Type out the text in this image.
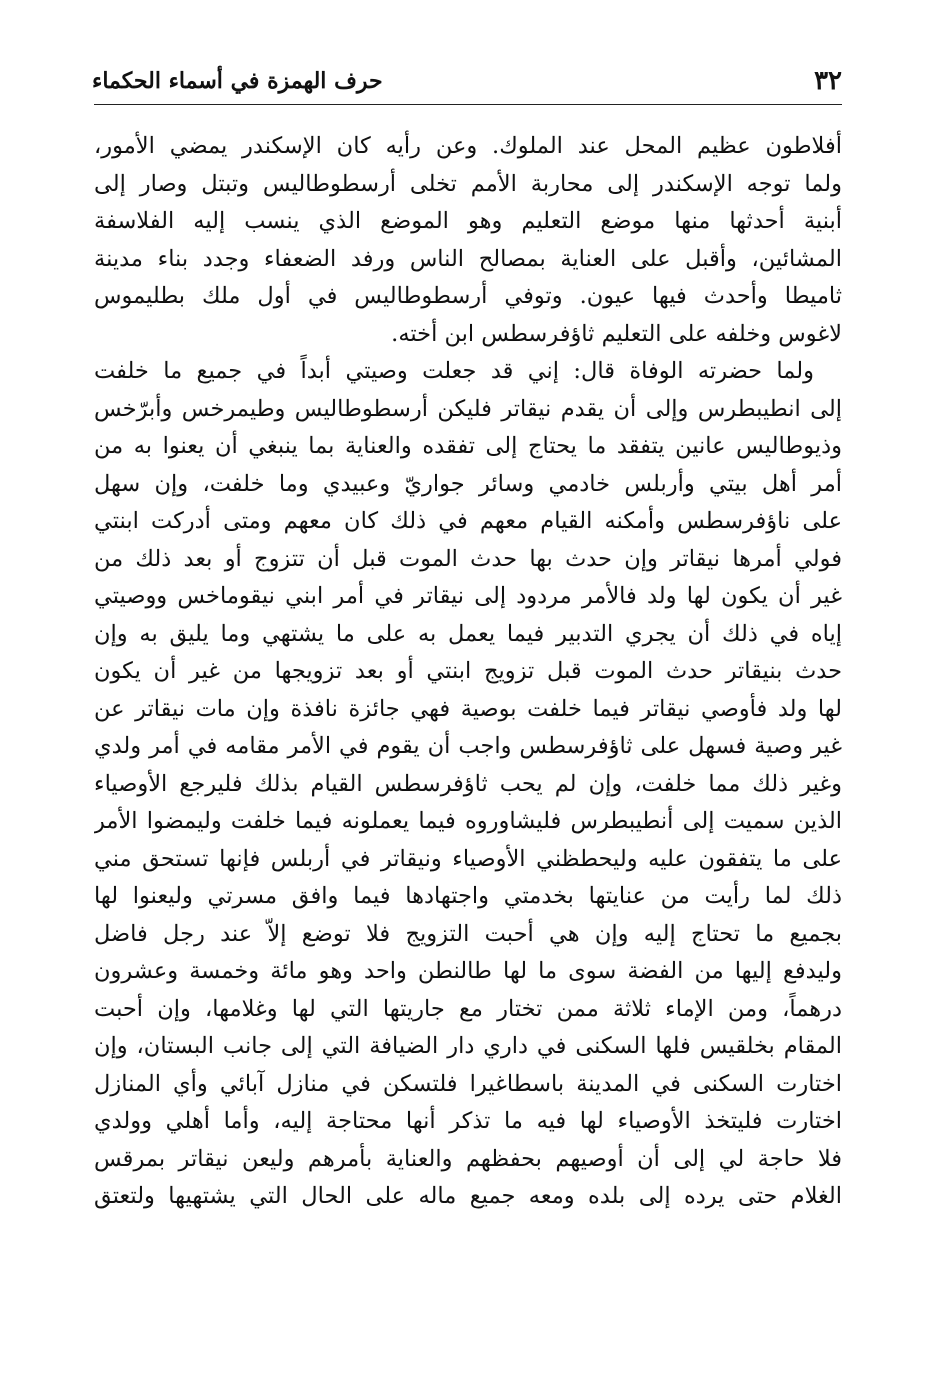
٣٢
حرف الهمزة في أسماء الحكماء
أفلاطون عظيم المحل عند الملوك. وعن رأيه كان الإسكندر يمضي الأمور،
ولما توجه الإسكندر إلى محاربة الأمم تخلى أرسطوطاليس وتبتل وصار إلى
أبنية أحدثها منها موضع التعليم وهو الموضع الذي ينسب إليه الفلاسفة
المشائين، وأقبل على العناية بمصالح الناس ورفد الضعفاء وجدد بناء مدينة
ثاميطا وأحدث فيها عيون. وتوفي أرسطوطاليس في أول ملك بطليموس
لاغوس وخلفه على التعليم ثاؤفرسطس ابن أخته.
ولما حضرته الوفاة قال: إني قد جعلت وصيتي أبداً في جميع ما خلفت
إلى انطيبطرس وإلى أن يقدم نيقاتر فليكن أرسطوطاليس وطيمرخس وأبرّخس
وذيوطاليس عانين يتفقد ما يحتاج إلى تفقده والعناية بما ينبغي أن يعنوا به من
أمر أهل بيتي وأربلس خادمي وسائر جواريّ وعبيدي وما خلفت، وإن سهل
على ناؤفرسطس وأمكنه القيام معهم في ذلك كان معهم ومتى أدركت ابنتي
فولي أمرها نيقاتر وإن حدث بها حدث الموت قبل أن تتزوج أو بعد ذلك من
غير أن يكون لها ولد فالأمر مردود إلى نيقاتر في أمر ابني نيقوماخس ووصيتي
إياه في ذلك أن يجري التدبير فيما يعمل به على ما يشتهي وما يليق به وإن
حدث بنيقاتر حدث الموت قبل تزويج ابنتي أو بعد تزويجها من غير أن يكون
لها ولد فأوصي نيقاتر فيما خلفت بوصية فهي جائزة نافذة وإن مات نيقاتر عن
غير وصية فسهل على ثاؤفرسطس واجب أن يقوم في الأمر مقامه في أمر ولدي
وغير ذلك مما خلفت، وإن لم يحب ثاؤفرسطس القيام بذلك فليرجع الأوصياء
الذين سميت إلى أنطيبطرس فليشاوروه فيما يعملونه فيما خلفت وليمضوا الأمر
على ما يتفقون عليه وليحطظني الأوصياء ونيقاتر في أربلس فإنها تستحق مني
ذلك لما رأيت من عنايتها بخدمتي واجتهادها فيما وافق مسرتي وليعنوا لها
بجميع ما تحتاج إليه وإن هي أحبت التزويج فلا توضع إلاّ عند رجل فاضل
وليدفع إليها من الفضة سوى ما لها طالنطن واحد وهو مائة وخمسة وعشرون
درهماً، ومن الإماء ثلاثة ممن تختار مع جاريتها التي لها وغلامها، وإن أحبت
المقام بخلقيس فلها السكنى في داري دار الضيافة التي إلى جانب البستان، وإن
اختارت السكنى في المدينة باسطاغيرا فلتسكن في منازل آبائي وأي المنازل
اختارت فليتخذ الأوصياء لها فيه ما تذكر أنها محتاجة إليه، وأما أهلي وولدي
فلا حاجة لي إلى أن أوصيهم بحفظهم والعناية بأمرهم وليعن نيقاتر بمرقس
الغلام حتى يرده إلى بلده ومعه جميع ماله على الحال التي يشتهيها ولتعتق
